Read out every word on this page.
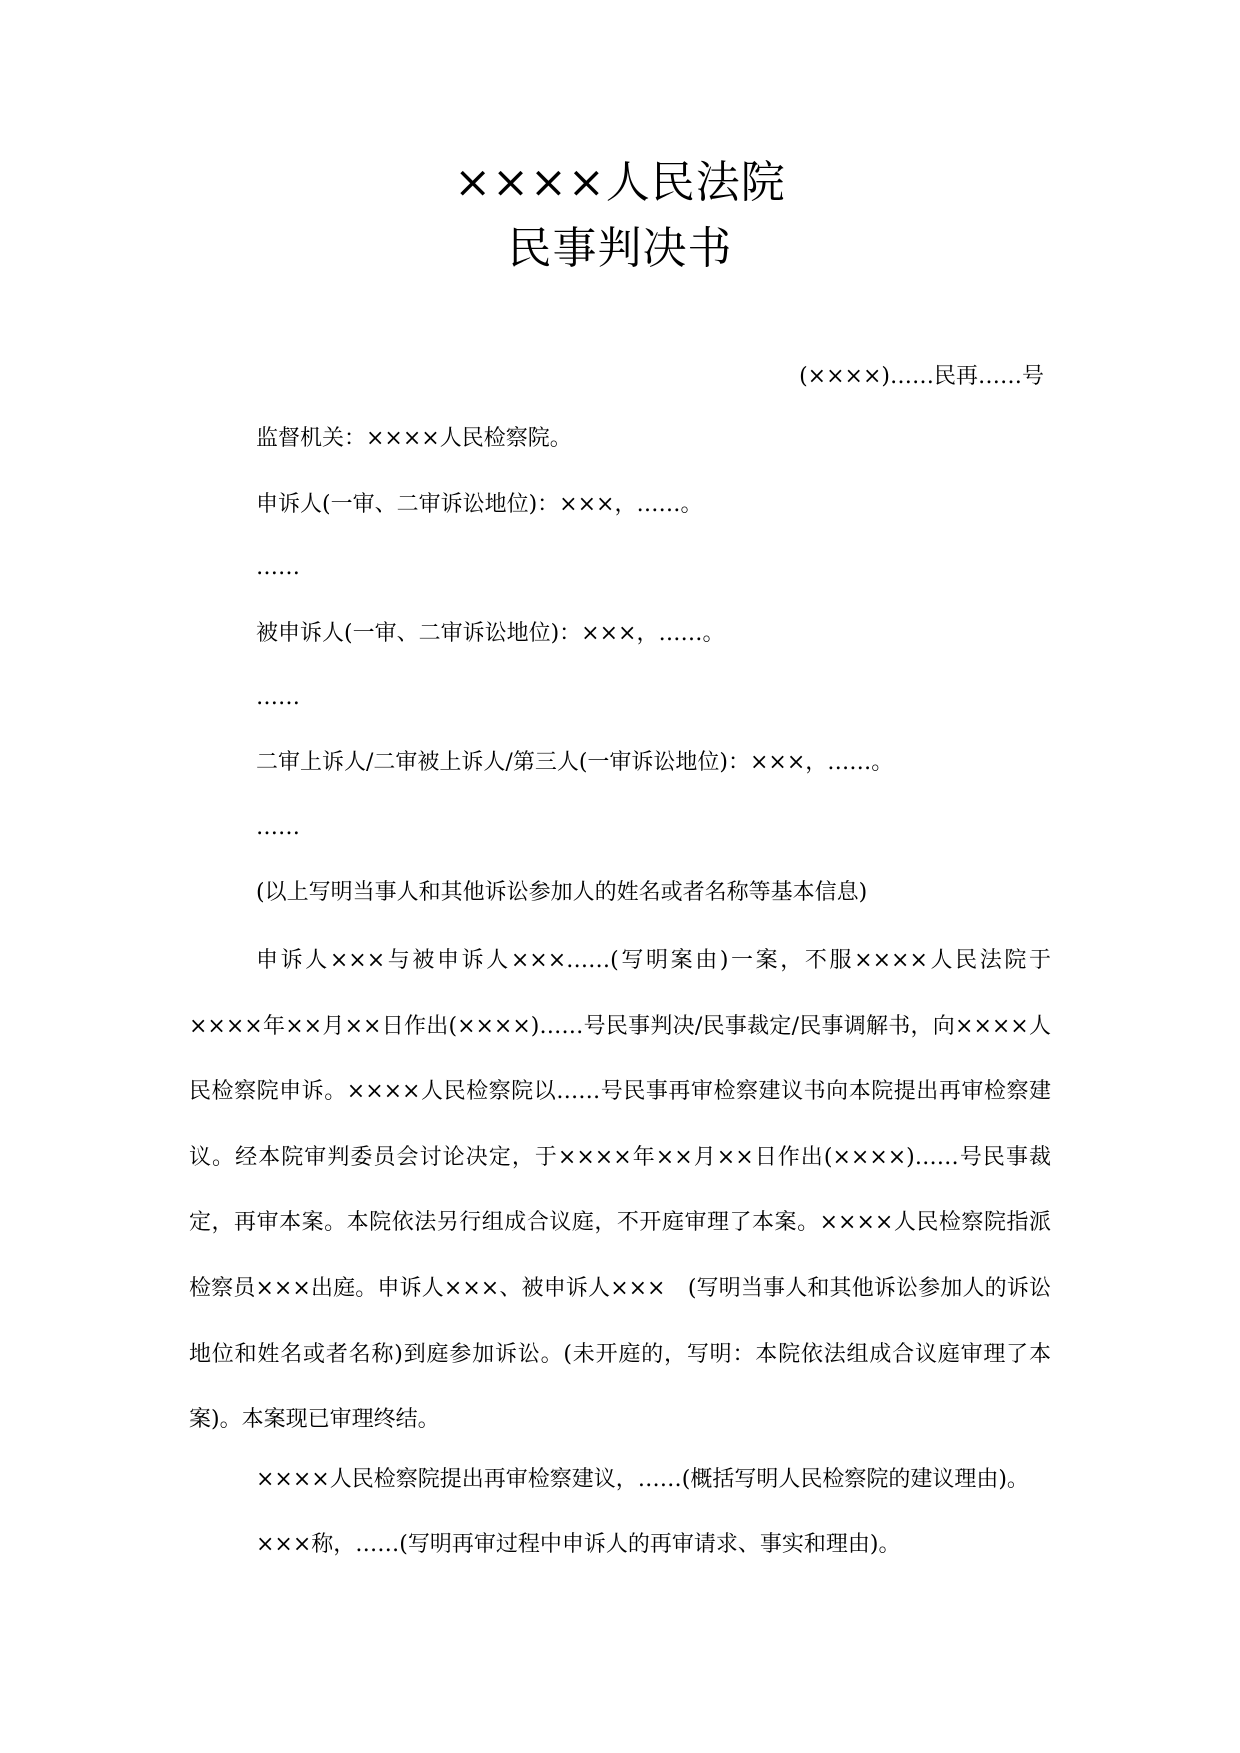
××××人民法院
民事判决书
(××××)……民再……号
监督机关：××××人民检察院。
申诉人(一审、二审诉讼地位)：×××，……。
……
被申诉人(一审、二审诉讼地位)：×××，……。
……
二审上诉人/二审被上诉人/第三人(一审诉讼地位)：×××，……。
……
(以上写明当事人和其他诉讼参加人的姓名或者名称等基本信息)

申诉人×××与被申诉人×××……(写明案由)一案，不服××××人民法院于××××年××月××日作出(××××)……号民事判决/民事裁定/民事调解书，向××××人民检察院申诉。××××人民检察院以……号民事再审检察建议书向本院提出再审检察建议。经本院审判委员会讨论决定，于××××年××月××日作出(××××)……号民事裁定，再审本案。本院依法另行组成合议庭，不开庭审理了本案。××××人民检察院指派检察员×××出庭。申诉人×××、被申诉人×××　(写明当事人和其他诉讼参加人的诉讼地位和姓名或者名称)到庭参加诉讼。(未开庭的，写明：本院依法组成合议庭审理了本案)。本案现已审理终结。

××××人民检察院提出再审检察建议，……(概括写明人民检察院的建议理由)。
×××称，……(写明再审过程中申诉人的再审请求、事实和理由)。
